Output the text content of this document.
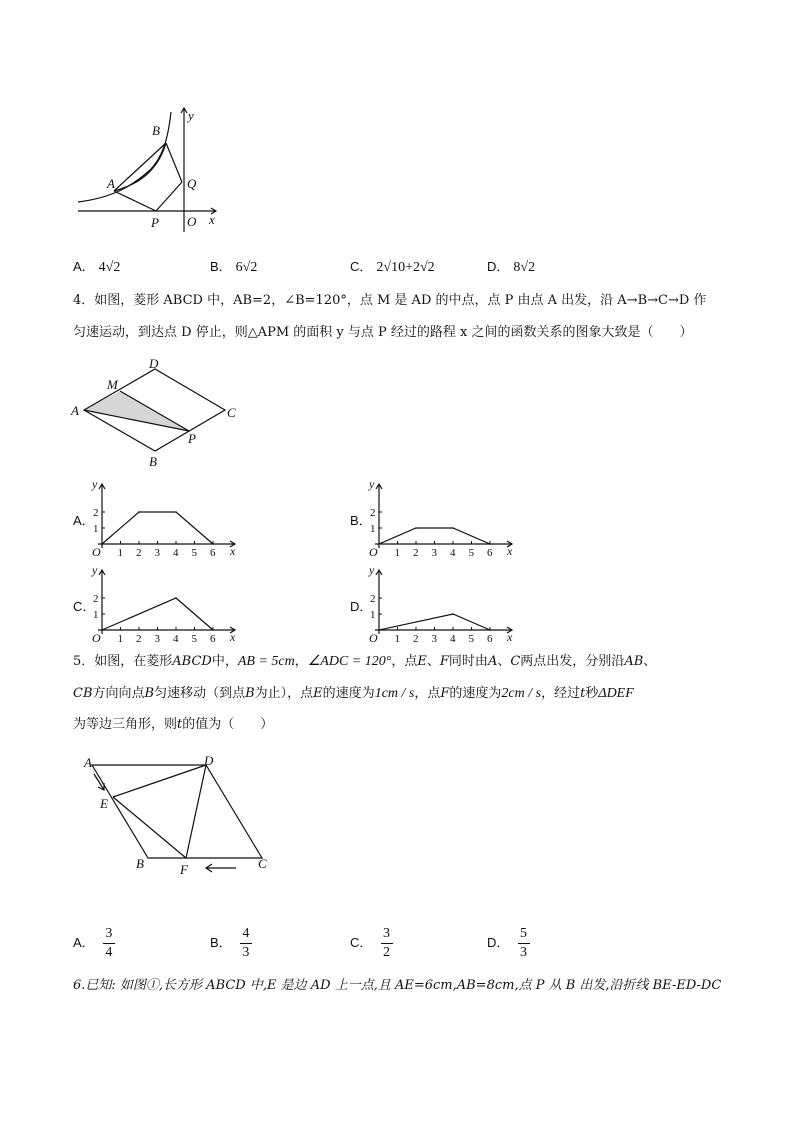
B
A	Q
P O x
y
A． 4√2	B． 6√2	C． 2√10+2√2	D． 8√2
4．如图，菱形 ABCD 中，AB=2，∠B=120°，点 M 是 AD 的中点，点 P 由点 A 出发，沿 A→B→C→D 作
匀速运动，到达点 D 停止，则△APM 的面积 y 与点 P 经过的路程 x 之间的函数关系的图象大致是（　　）
M
D
A	C
P
B
A．	B．
C．	D．
x
y
O 1 2 3 4 5 6
1
2
x
y
O 1 2 3 4 5 6
1
2
x
y
O 1 2 3 4 5 6
1
2
x
y
O 1 2 3 4 5 6
1
2
5．如图，在菱形ABCD中，AB = 5cm，∠ADC = 120°，点E、F同时由A、C两点出发，分别沿AB、
CB方向向点B匀速移动（到点B为止），点E的速度为1cm / s，点F的速度为2cm / s，经过t秒ΔDEF
为等边三角形，则t的值为（　　）
A	D
E
B	F	C
A． $\frac{3}{4}$	B． $\frac{4}{3}$	C． $\frac{3}{2}$	D． $\frac{5}{3}$
6.已知: 如图①,长方形 ABCD 中,E 是边 AD 上一点,且 AE=6cm,AB=8cm,点 P 从 B 出发,沿折线 BE-ED-DC
